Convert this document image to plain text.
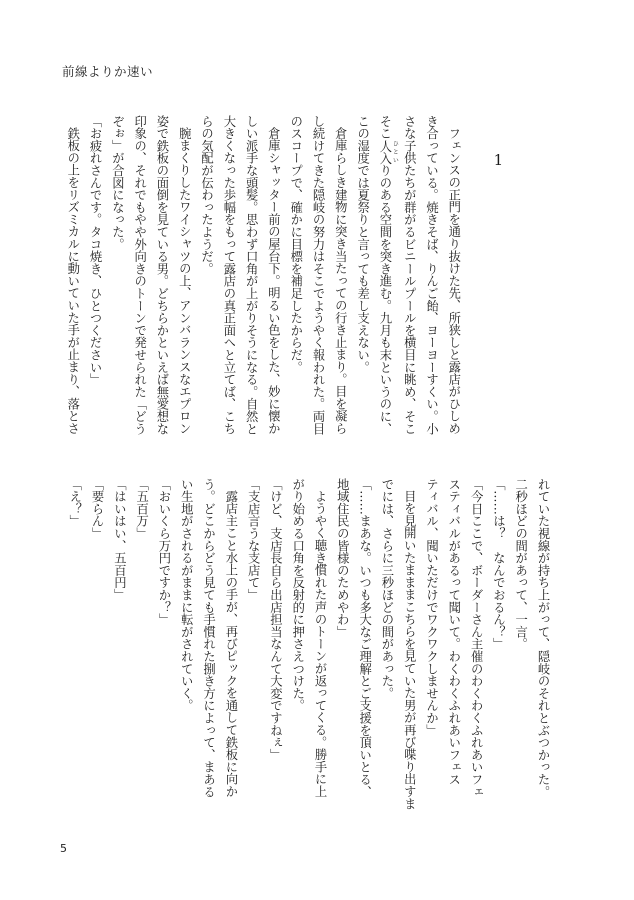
前線よりか速い
1
フェンスの正門を通り抜けた先、所狭しと露店がひしめ
き合っている。焼きそば、りんご飴、ヨーヨーすくい。小
さな子供たちが群がるビニールプールを横目に眺め、そこ
そこ人入 ひといりのある空間を突き進む。九月も末というのに、
この湿度では夏祭りと言っても差し支えない。
倉庫らしき建物に突き当たっての行き止まり。目を凝ら
し続けてきた隠岐の努力はそこでようやく報われた。両目
のスコープで、確かに目標を補足したからだ。
倉庫シャッター前の屋台下。明るい色をした、妙に懐か
しい派手な頭髪。思わず口角が上がりそうになる。自然と
大きくなった歩幅をもって露店の真正面へと立てば、こち
らの気配が伝わったようだ。
腕まくりしたワイシャツの上、アンバランスなエプロン
姿で鉄板の面倒を見ている男。どちらかといえば無愛想な
印象の、それでもやや外向きのトーンで発せられた「どう
ぞぉ」が合図になった。
「お疲れさんです。タコ焼き、ひとつください」
鉄板の上をリズミカルに動いていた手が止まり、落とさ
れていた視線が持ち上がって、隠岐のそれとぶつかった。
二秒ほどの間があって、一言。
「……は？　なんでおるん？」
「今日ここで、ボーダーさん主催のわくわくふれあいフェ
スティバルがあるって聞いて。わくわくふれあいフェス
ティバル、聞いただけでワクワクしませんか」
目を見開いたまままこちらを見ていた男が再び喋り出すま
でには、さらに三秒ほどの間があった。
「……まあな。いつも多大なご理解とご支援を頂いとる、
地域住民の皆様のためやわ」
ようやく聴き慣れた声のトーンが返ってくる。勝手に上
がり始める口角を反射的に押さえつけた。
「けど、支店長自ら出店担当なんて大変ですねぇ」
「支店言うな支店て」
露店主こと水上の手が、再びピックを通して鉄板に向か
う。どこからどう見ても手慣れた捌き方によって、まある
い生地がされるがままに転がされていく。
「おいくら万円ですか？」
「五百万」
「はいはい、五百円」
「要らん」
「え？」
5
